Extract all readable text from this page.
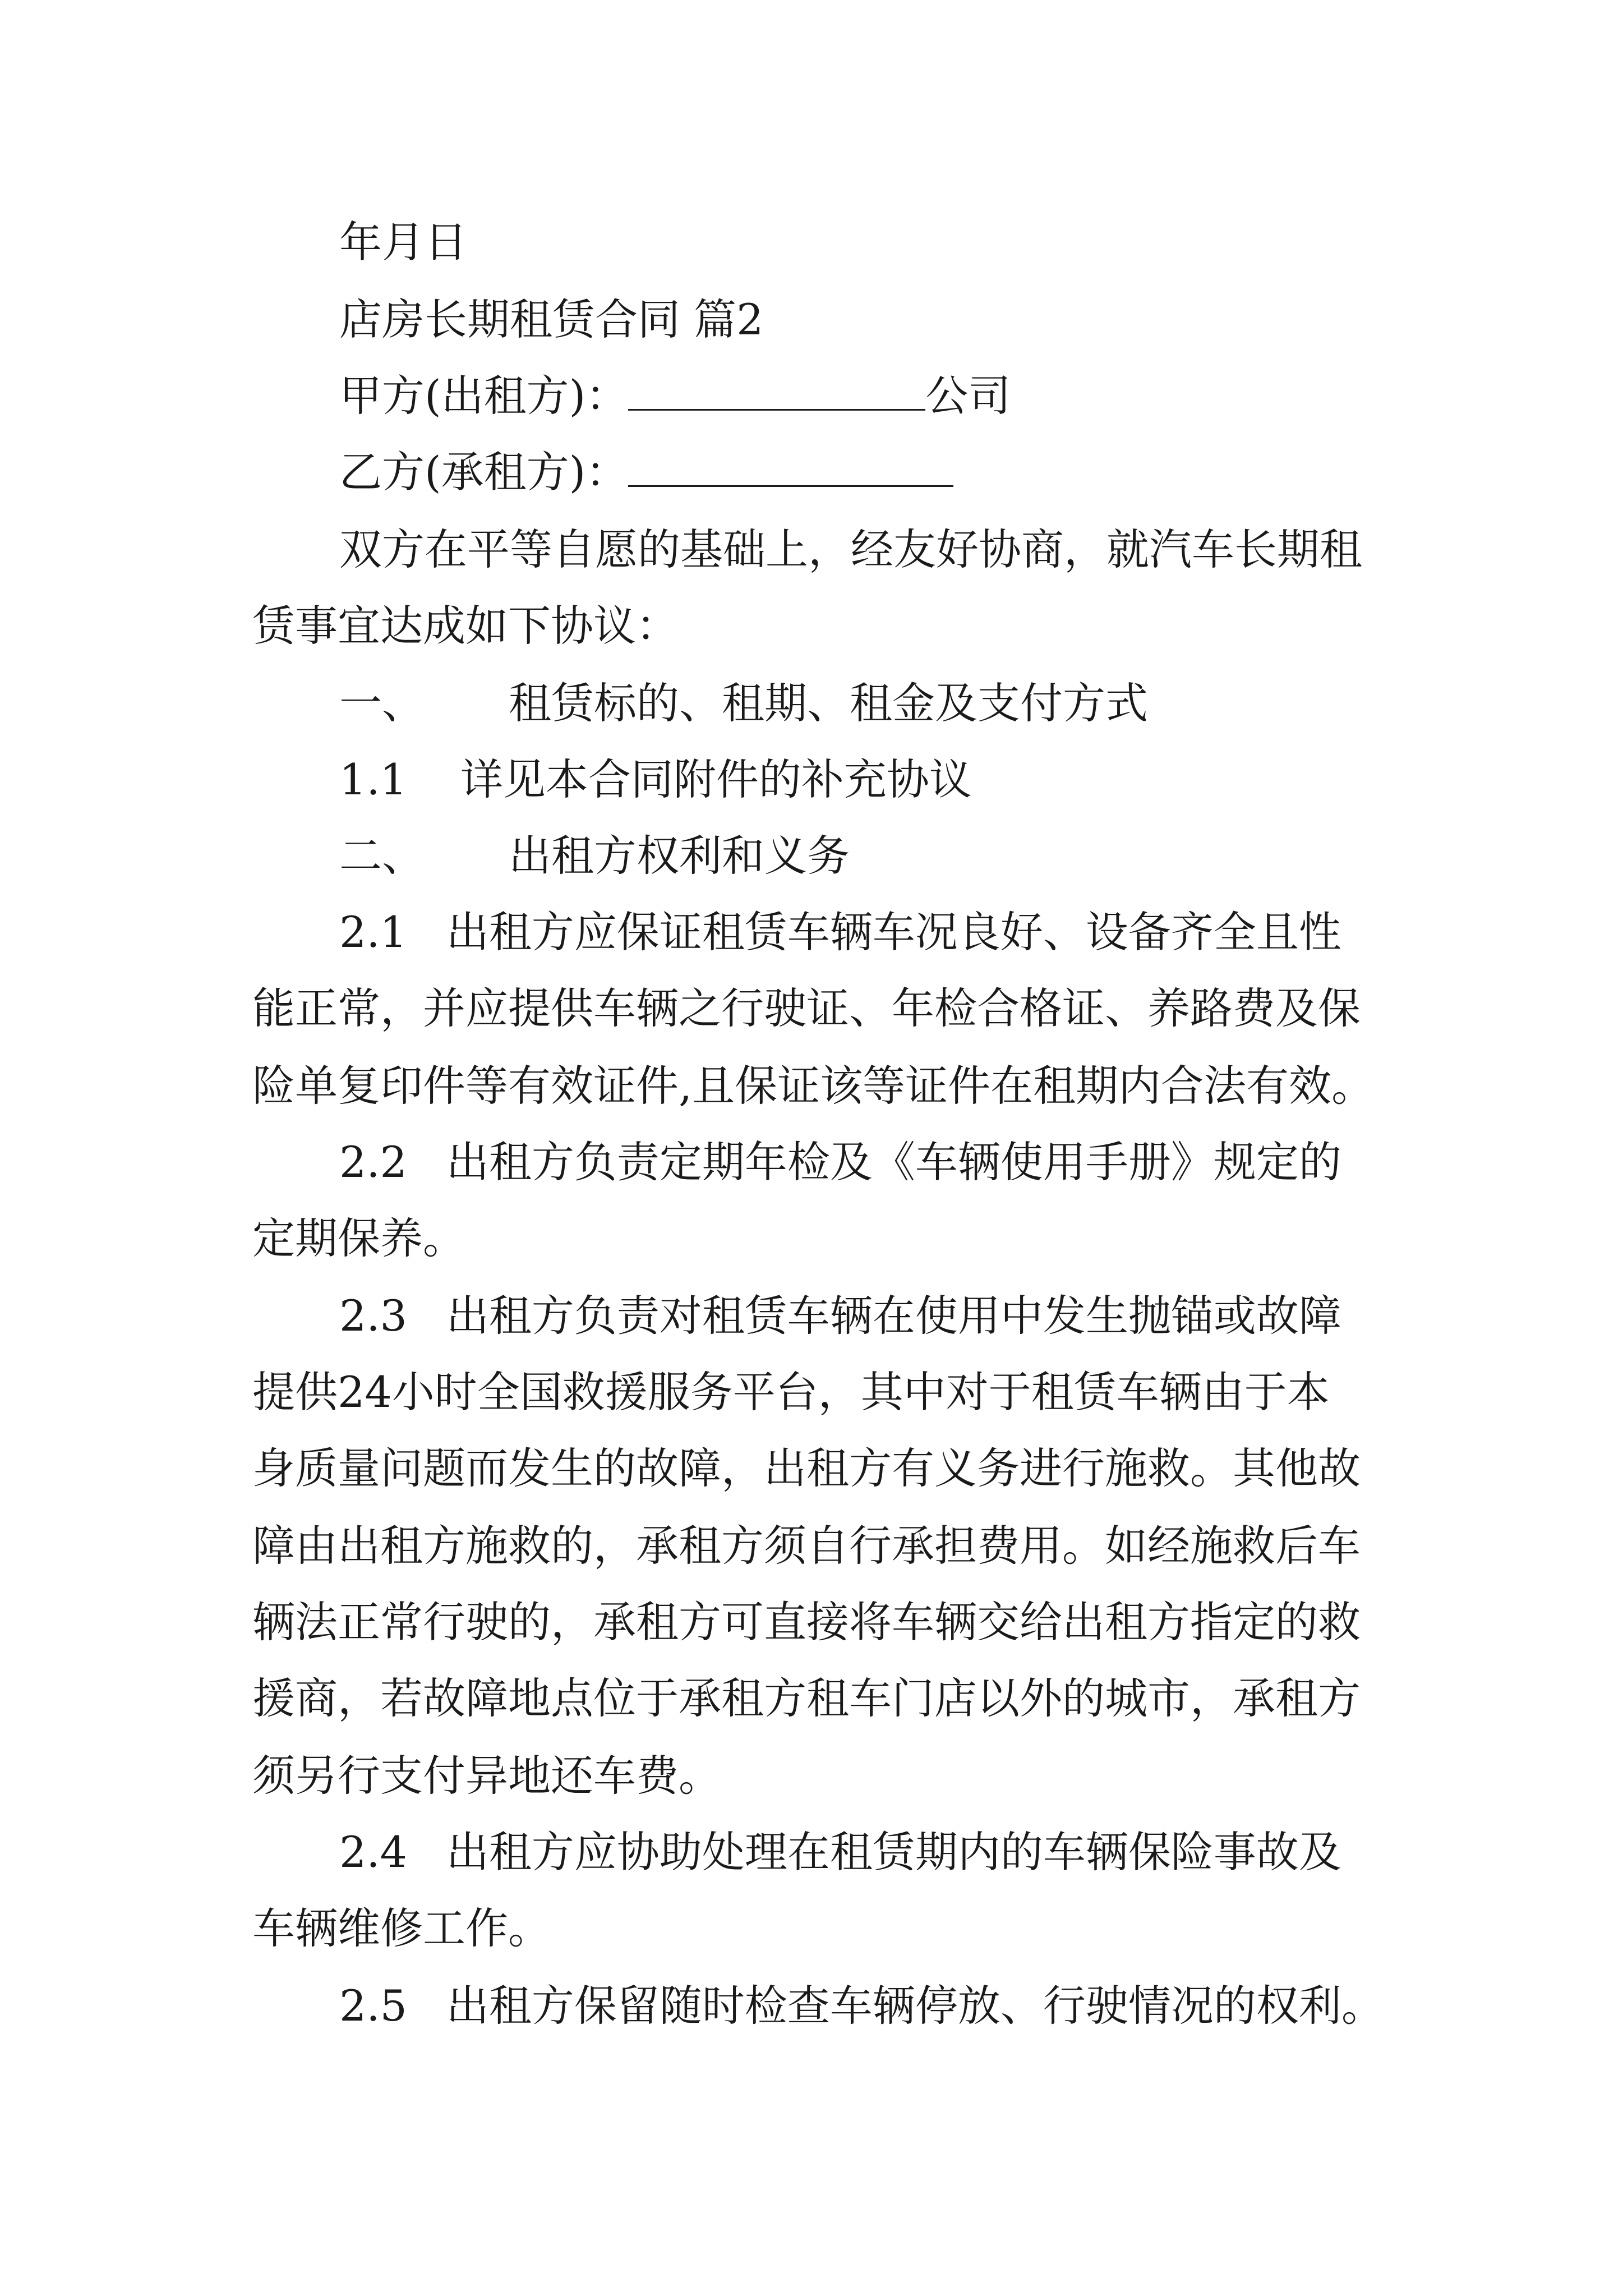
年月日
店房长期租赁合同 篇2
甲方(出租方)：	公司
乙方(承租方)：
双方在平等自愿的基础上，经友好协商，就汽车长期租
赁事宜达成如下协议：
一、 租赁标的、租期、租金及支付方式
1.1 详见本合同附件的补充协议
二、 出租方权利和义务
2.1 出租方应保证租赁车辆车况良好、设备齐全且性
能正常，并应提供车辆之行驶证、年检合格证、养路费及保
险单复印件等有效证件,且保证该等证件在租期内合法有效。
2.2 出租方负责定期年检及《车辆使用手册》规定的
定期保养。
2.3 出租方负责对租赁车辆在使用中发生抛锚或故障
提供24小时全国救援服务平台，其中对于租赁车辆由于本
身质量问题而发生的故障，出租方有义务进行施救。其他故
障由出租方施救的，承租方须自行承担费用。如经施救后车
辆法正常行驶的，承租方可直接将车辆交给出租方指定的救
援商，若故障地点位于承租方租车门店以外的城市，承租方
须另行支付异地还车费。
2.4 出租方应协助处理在租赁期内的车辆保险事故及
车辆维修工作。
2.5 出租方保留随时检查车辆停放、行驶情况的权利。
